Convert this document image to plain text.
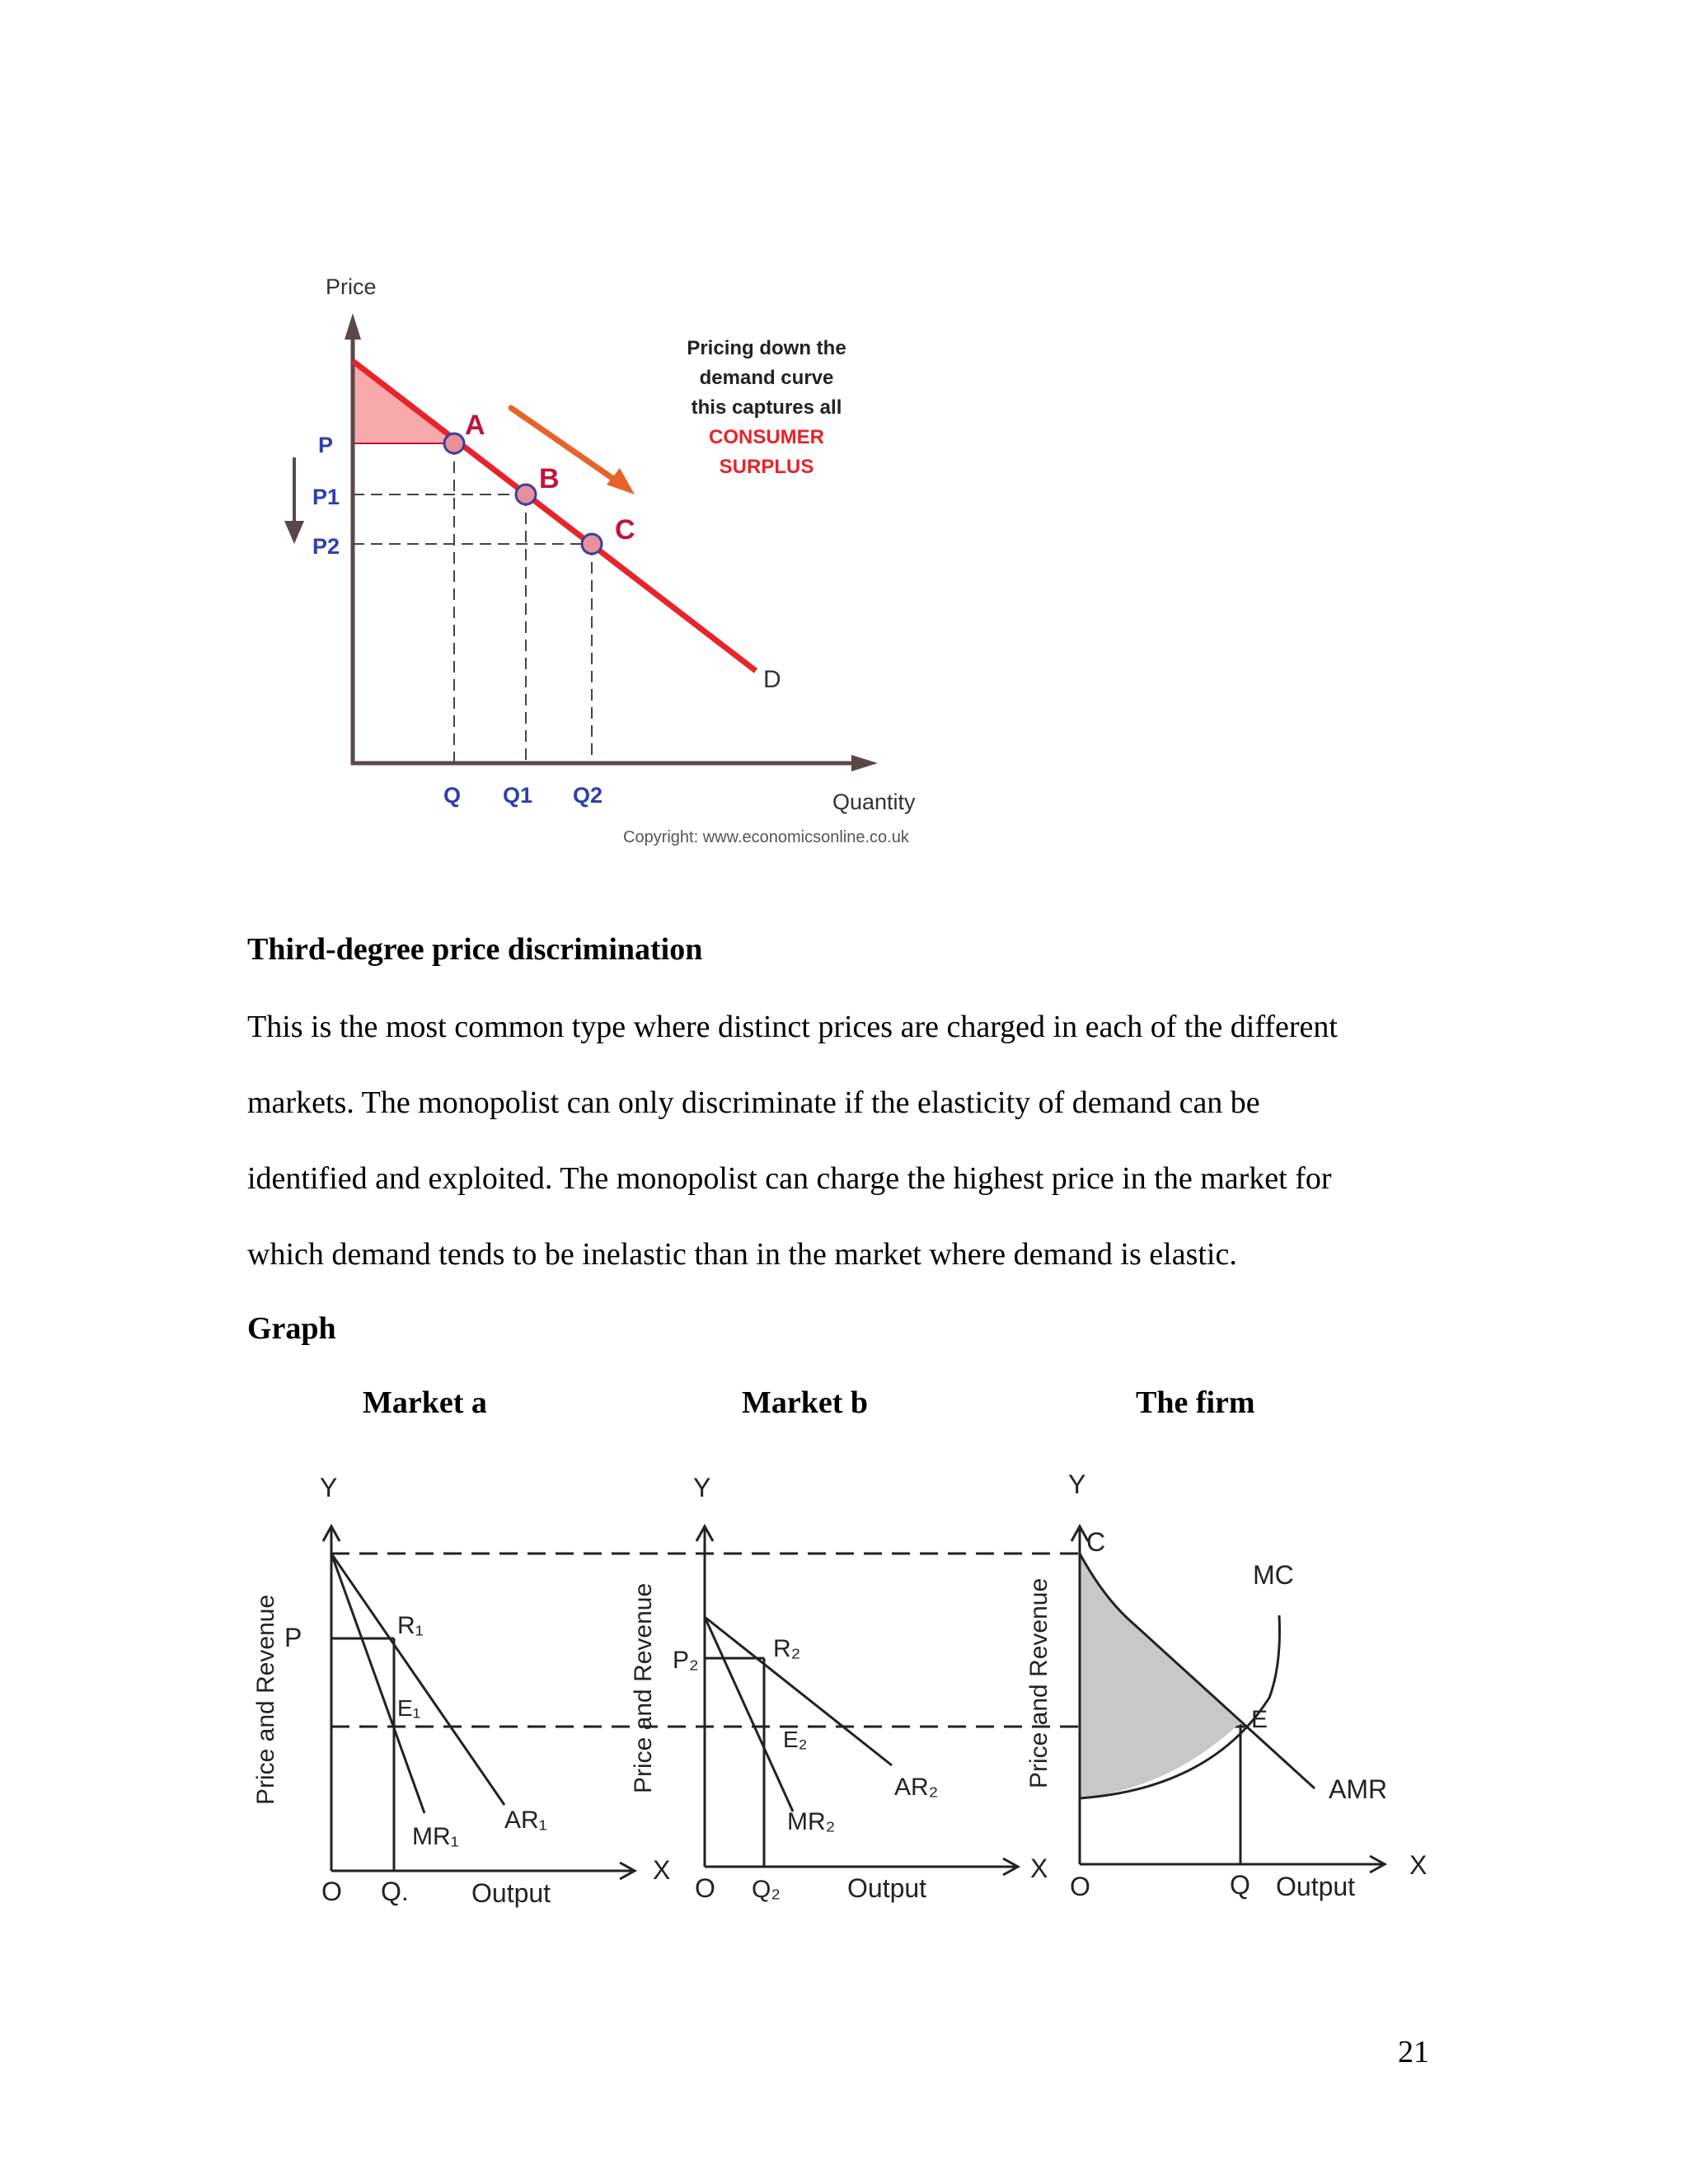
Price
Quantity
P
P1
P2
Q Q1 Q2
A
B
C
D
Pricing down the
demand curve
this captures all
CONSUMER
SURPLUS
Copyright: www.economicsonline.co.uk
Third-degree price discrimination

This is the most common type where distinct prices are charged in each of the different

markets. The monopolist can only discriminate if the elasticity of demand can be

identified and exploited. The monopolist can charge the highest price in the market for

which demand tends to be inelastic than in the market where demand is elastic.

Graph

Market a	Market b	The firm

Y
X
O
Price and Revenue
Output
P
Q.
R₁
E₁
MR₁
AR₁
Y
X
O
Price and Revenue
Output
P₂
Q₂
R₂
E₂
MR₂
AR₂
Y
X
O
Price and Revenue
Output
C
E
Q
MC
AMR

21
